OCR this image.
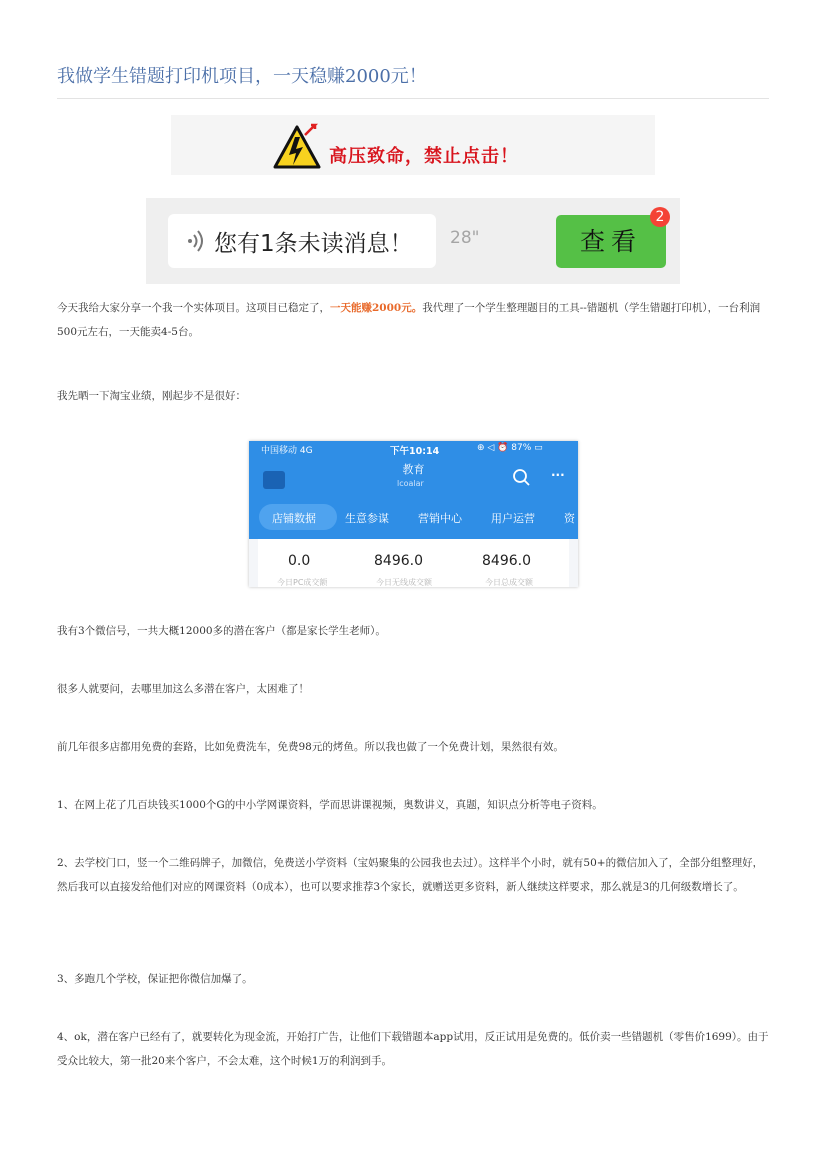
我做学生错题打印机项目，一天稳赚2000元！
高压致命，禁止点击！
您有1条未读消息！ 28"	查看
2

今天我给大家分享一个我一个实体项目。这项目已稳定了，一天能赚2000元。我代理了一个学生整理题目的工具--错题机（学生错题打印机），一台利润500元左右，一天能卖4-5台。

我先晒一下淘宝业绩，刚起步不是很好：

中国移动 4G	下午10:14	⊕ ◁ ⏰ 87% ▭
教育
lcoalar
···
店铺数据	生意参谋	营销中心	用户运营	资
0.0	8496.0	8496.0
今日PC成交额	今日无线成交额	今日总成交额

我有3个微信号，一共大概12000多的潜在客户（都是家长学生老师）。

很多人就要问，去哪里加这么多潜在客户，太困难了！

前几年很多店都用免费的套路，比如免费洗车，免费98元的烤鱼。所以我也做了一个免费计划，果然很有效。

1、在网上花了几百块钱买1000个G的中小学网课资料，学而思讲课视频，奥数讲义，真题，知识点分析等电子资料。

2、去学校门口，竖一个二维码牌子，加微信，免费送小学资料（宝妈聚集的公园我也去过）。这样半个小时，就有50+的微信加入了，全部分组整理好，然后我可以直接发给他们对应的网课资料（0成本），也可以要求推荐3个家长，就赠送更多资料，新人继续这样要求，那么就是3的几何级数增长了。

3、多跑几个学校，保证把你微信加爆了。

4、ok，潜在客户已经有了，就要转化为现金流，开始打广告，让他们下载错题本app试用，反正试用是免费的。低价卖一些错题机（零售价1699）。由于受众比较大，第一批20来个客户，不会太难，这个时候1万的利润到手。
